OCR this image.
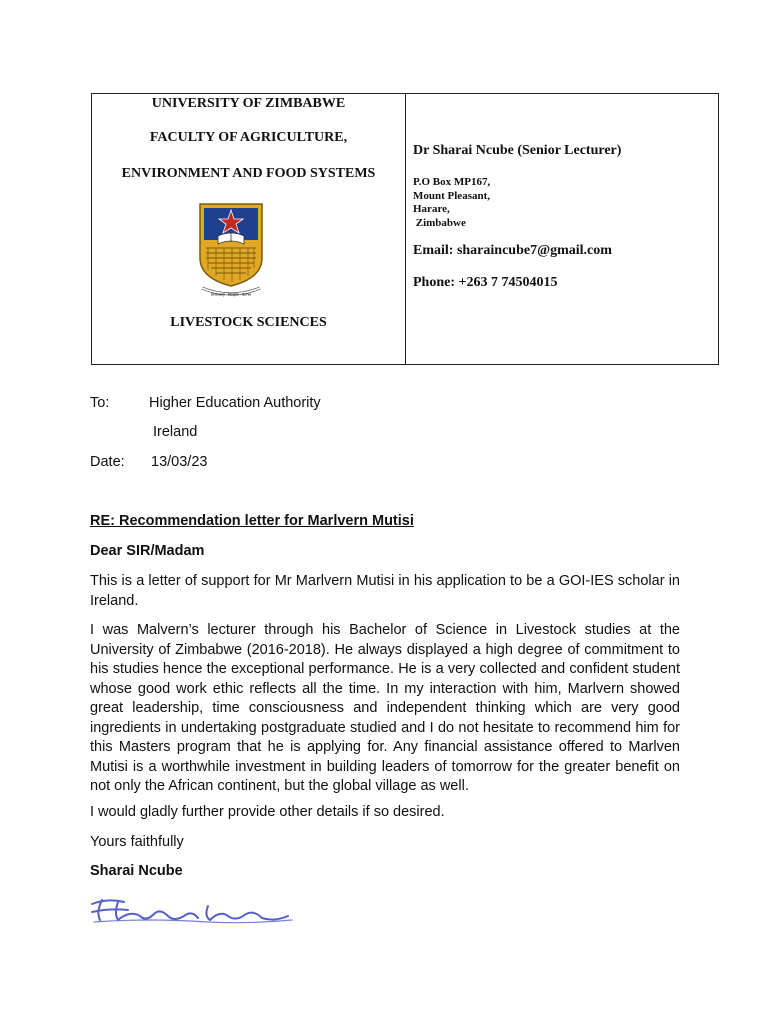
UNIVERSITY OF ZIMBABWE
FACULTY OF AGRICULTURE,
ENVIRONMENT AND FOOD SYSTEMS
Ordinary · Simple · Serve
LIVESTOCK SCIENCES
Dr Sharai Ncube (Senior Lecturer)
P.O Box MP167,
Mount Pleasant,
Harare,
Zimbabwe
Email: sharaincube7@gmail.com
Phone: +263 7 74504015
To:	Higher Education Authority
Ireland
Date: 13/03/23
RE: Recommendation letter for Marlvern Mutisi
Dear SIR/Madam
This is a letter of support for Mr Marlvern Mutisi in his application to be a GOI-IES scholar in Ireland.
I was Malvern’s lecturer through his Bachelor of Science in Livestock studies at the University of Zimbabwe (2016-2018). He always displayed a high degree of commitment to his studies hence the exceptional performance. He is a very collected and confident student whose good work ethic reflects all the time. In my interaction with him, Marlvern showed great leadership, time consciousness and independent thinking which are very good ingredients in undertaking postgraduate studied and I do not hesitate to recommend him for this Masters program that he is applying for. Any financial assistance offered to Marlven Mutisi is a worthwhile investment in building leaders of tomorrow for the greater benefit on not only the African continent, but the global village as well.
I would gladly further provide other details if so desired.
Yours faithfully
Sharai Ncube
